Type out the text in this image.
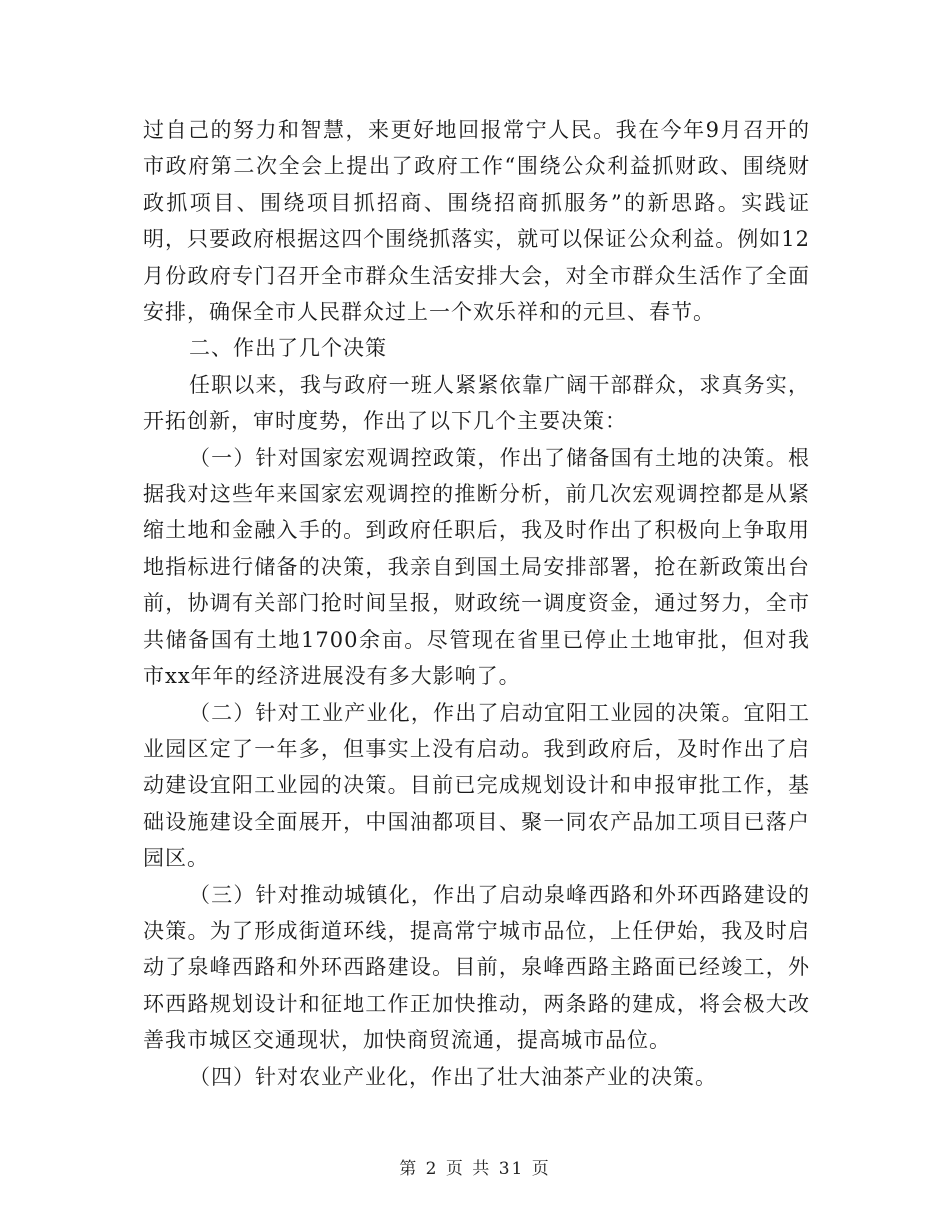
过自己的努力和智慧，来更好地回报常宁人民。我在今年9月召开的市政府第二次全会上提出了政府工作“围绕公众利益抓财政、围绕财政抓项目、围绕项目抓招商、围绕招商抓服务”的新思路。实践证明，只要政府根据这四个围绕抓落实，就可以保证公众利益。例如12月份政府专门召开全市群众生活安排大会，对全市群众生活作了全面安排，确保全市人民群众过上一个欢乐祥和的元旦、春节。

二、作出了几个决策

任职以来，我与政府一班人紧紧依靠广阔干部群众，求真务实，开拓创新，审时度势，作出了以下几个主要决策：

（一）针对国家宏观调控政策，作出了储备国有土地的决策。根据我对这些年来国家宏观调控的推断分析，前几次宏观调控都是从紧缩土地和金融入手的。到政府任职后，我及时作出了积极向上争取用地指标进行储备的决策，我亲自到国土局安排部署，抢在新政策出台前，协调有关部门抢时间呈报，财政统一调度资金，通过努力，全市共储备国有土地1700余亩。尽管现在省里已停止土地审批，但对我市xx年年的经济进展没有多大影响了。

（二）针对工业产业化，作出了启动宜阳工业园的决策。宜阳工业园区定了一年多，但事实上没有启动。我到政府后，及时作出了启动建设宜阳工业园的决策。目前已完成规划设计和申报审批工作，基础设施建设全面展开，中国油都项目、聚一同农产品加工项目已落户园区。

（三）针对推动城镇化，作出了启动泉峰西路和外环西路建设的决策。为了形成街道环线，提高常宁城市品位，上任伊始，我及时启动了泉峰西路和外环西路建设。目前，泉峰西路主路面已经竣工，外环西路规划设计和征地工作正加快推动，两条路的建成，将会极大改善我市城区交通现状，加快商贸流通，提高城市品位。

（四）针对农业产业化，作出了壮大油茶产业的决策。

第 2 页 共 31 页
